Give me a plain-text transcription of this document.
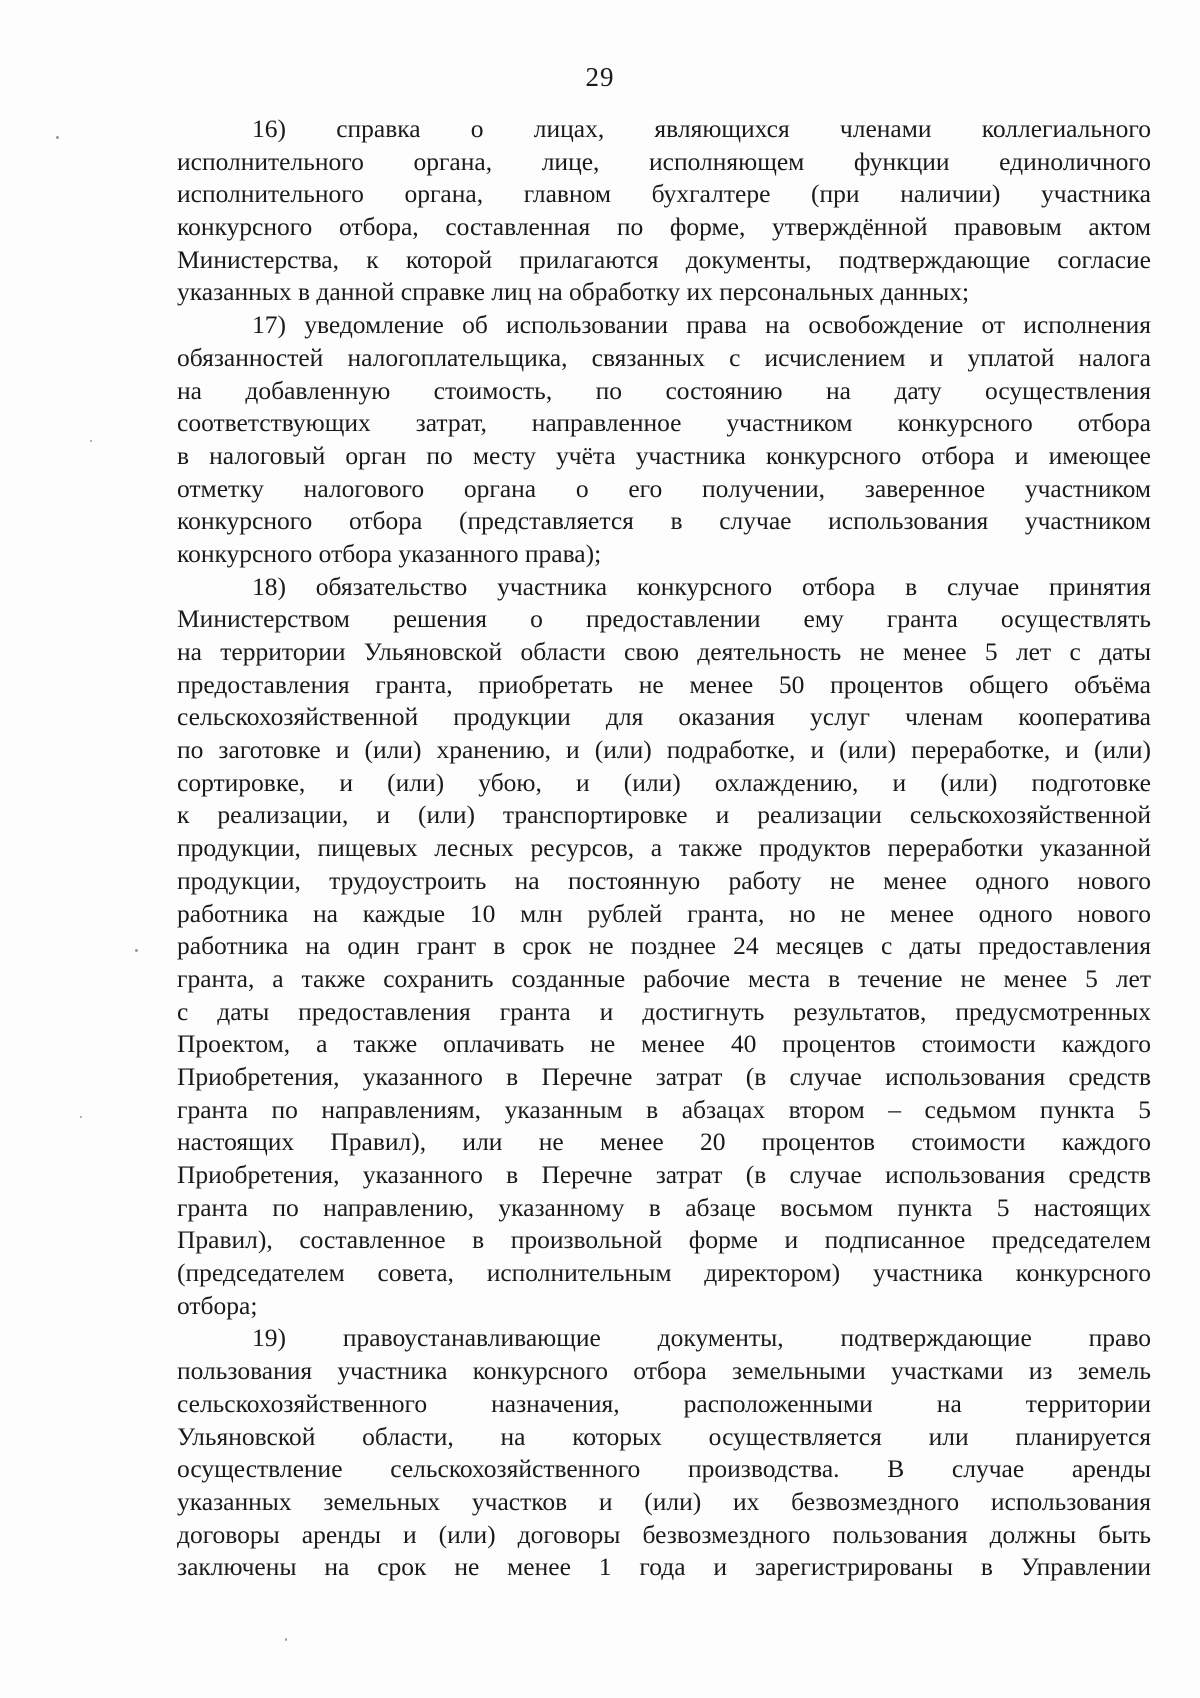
29
16) справка о лицах, являющихся членами коллегиального
исполнительного органа, лице, исполняющем функции единоличного
исполнительного органа, главном бухгалтере (при наличии) участника
конкурсного отбора, составленная по форме, утверждённой правовым актом
Министерства, к которой прилагаются документы, подтверждающие согласие
указанных в данной справке лиц на обработку их персональных данных;
17) уведомление об использовании права на освобождение от исполнения
обязанностей налогоплательщика, связанных с исчислением и уплатой налога
на добавленную стоимость, по состоянию на дату осуществления
соответствующих затрат, направленное участником конкурсного отбора
в налоговый орган по месту учёта участника конкурсного отбора и имеющее
отметку налогового органа о его получении, заверенное участником
конкурсного отбора (представляется в случае использования участником
конкурсного отбора указанного права);
18) обязательство участника конкурсного отбора в случае принятия
Министерством решения о предоставлении ему гранта осуществлять
на территории Ульяновской области свою деятельность не менее 5 лет с даты
предоставления гранта, приобретать не менее 50 процентов общего объёма
сельскохозяйственной продукции для оказания услуг членам кооператива
по заготовке и (или) хранению, и (или) подработке, и (или) переработке, и (или)
сортировке, и (или) убою, и (или) охлаждению, и (или) подготовке
к реализации, и (или) транспортировке и реализации сельскохозяйственной
продукции, пищевых лесных ресурсов, а также продуктов переработки указанной
продукции, трудоустроить на постоянную работу не менее одного нового
работника на каждые 10 млн рублей гранта, но не менее одного нового
работника на один грант в срок не позднее 24 месяцев с даты предоставления
гранта, а также сохранить созданные рабочие места в течение не менее 5 лет
с даты предоставления гранта и достигнуть результатов, предусмотренных
Проектом, а также оплачивать не менее 40 процентов стоимости каждого
Приобретения, указанного в Перечне затрат (в случае использования средств
гранта по направлениям, указанным в абзацах втором – седьмом пункта 5
настоящих Правил), или не менее 20 процентов стоимости каждого
Приобретения, указанного в Перечне затрат (в случае использования средств
гранта по направлению, указанному в абзаце восьмом пункта 5 настоящих
Правил), составленное в произвольной форме и подписанное председателем
(председателем совета, исполнительным директором) участника конкурсного
отбора;
19) правоустанавливающие документы, подтверждающие право
пользования участника конкурсного отбора земельными участками из земель
сельскохозяйственного назначения, расположенными на территории
Ульяновской области, на которых осуществляется или планируется
осуществление сельскохозяйственного производства. В случае аренды
указанных земельных участков и (или) их безвозмездного использования
договоры аренды и (или) договоры безвозмездного пользования должны быть
заключены на срок не менее 1 года и зарегистрированы в Управлении
